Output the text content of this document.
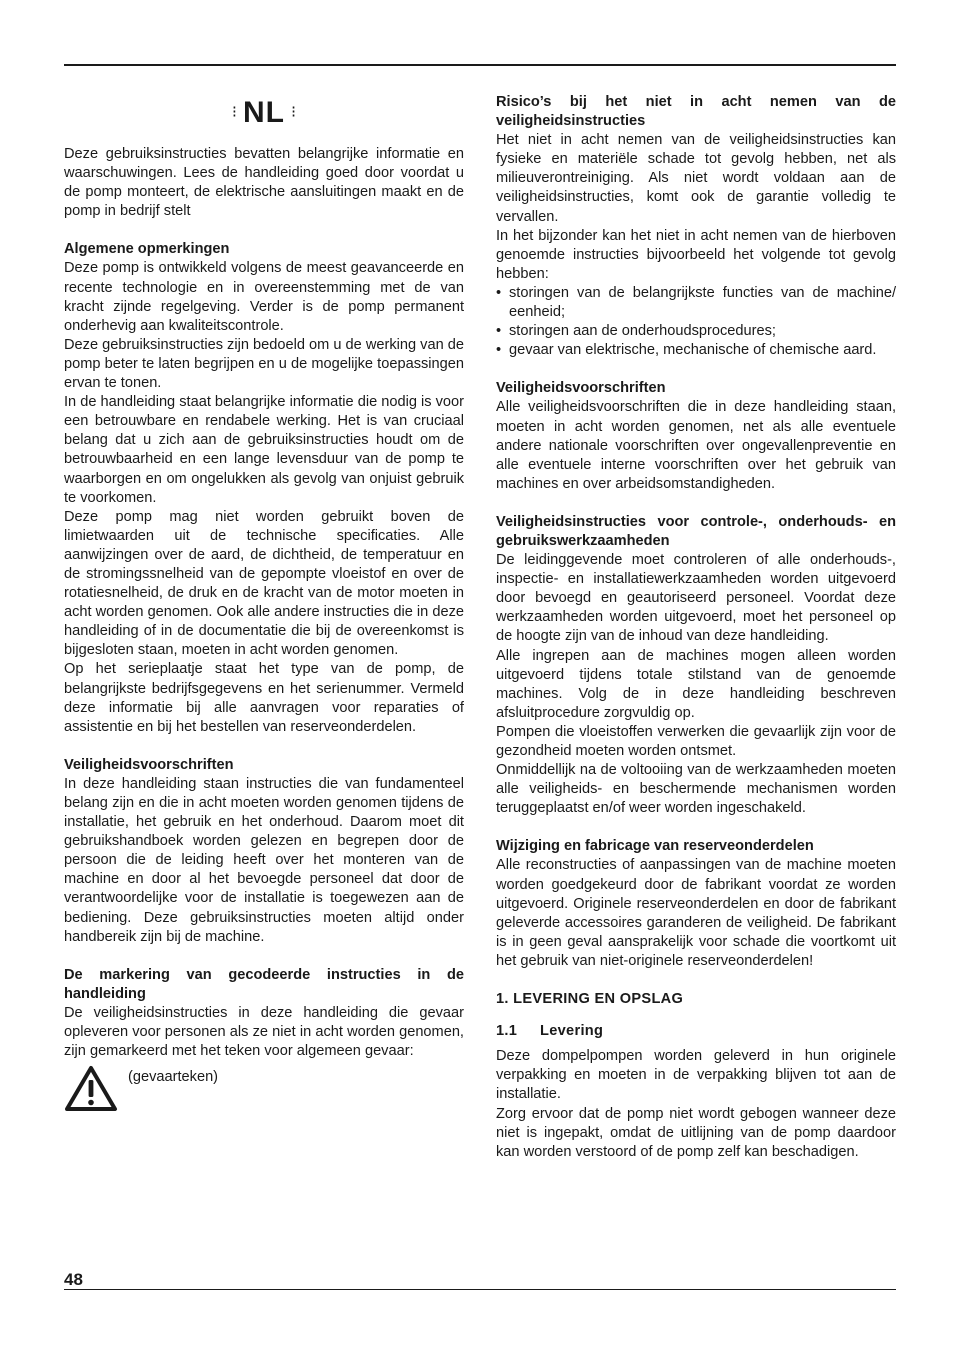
⁝ NL ⁝

Deze gebruiksinstructies bevatten belangrijke informatie en waarschuwingen. Lees de handleiding goed door voordat u de pomp monteert, de elektrische aansluitingen maakt en de pomp in bedrijf stelt

Algemene opmerkingen

Deze pomp is ontwikkeld volgens de meest geavanceerde en recente technologie en in overeenstemming met de van kracht zijnde regelgeving. Verder is de pomp permanent onderhevig aan kwaliteitscontrole.

Deze gebruiksinstructies zijn bedoeld om u de werking van de pomp beter te laten begrijpen en u de mogelijke toepassingen ervan te tonen.

In de handleiding staat belangrijke informatie die nodig is voor een betrouwbare en rendabele werking. Het is van cruciaal belang dat u zich aan de gebruiksinstructies houdt om de betrouwbaarheid en een lange levensduur van de pomp te waarborgen en om ongelukken als gevolg van onjuist gebruik te voorkomen.

Deze pomp mag niet worden gebruikt boven de limietwaarden uit de technische specificaties. Alle aanwijzingen over de aard, de dichtheid, de temperatuur en de stromingssnelheid van de gepompte vloeistof en over de rotatiesnelheid, de druk en de kracht van de motor moeten in acht worden genomen. Ook alle andere instructies die in deze handleiding of in de documentatie die bij de overeenkomst is bijgesloten staan, moeten in acht worden genomen.

Op het serieplaatje staat het type van de pomp, de belangrijkste bedrijfsgegevens en het serienummer. Vermeld deze informatie bij alle aanvragen voor reparaties of assistentie en bij het bestellen van reserveonderdelen.

Veiligheidsvoorschriften

In deze handleiding staan instructies die van fundamenteel belang zijn en die in acht moeten worden genomen tijdens de installatie, het gebruik en het onderhoud. Daarom moet dit gebruikshandboek worden gelezen en begrepen door de persoon die de leiding heeft over het monteren van de machine en door al het bevoegde personeel dat door de verantwoordelijke voor de installatie is toegewezen aan de bediening. Deze gebruiksinstructies moeten altijd onder handbereik zijn bij de machine.

De markering van gecodeerde instructies in de handleiding

De veiligheidsinstructies in deze handleiding die gevaar opleveren voor personen als ze niet in acht worden genomen, zijn gemarkeerd met het teken voor algemeen gevaar:

(gevaarteken)
Risico’s bij het niet in acht nemen van de veiligheidsinstructies

Het niet in acht nemen van de veiligheidsinstructies kan fysieke en materiële schade tot gevolg hebben, net als milieuverontreiniging. Als niet wordt voldaan aan de veiligheidsinstructies, komt ook de garantie volledig te vervallen.

In het bijzonder kan het niet in acht nemen van de hierboven genoemde instructies bijvoorbeeld het volgende tot gevolg hebben:

• storingen van de belangrijkste functies van de machine/ eenheid;
• storingen aan de onderhoudsprocedures;
• gevaar van elektrische, mechanische of chemische aard.
Veiligheidsvoorschriften

Alle veiligheidsvoorschriften die in deze handleiding staan, moeten in acht worden genomen, net als alle eventuele andere nationale voorschriften over ongevallenpreventie en alle eventuele interne voorschriften over het gebruik van machines en over arbeidsomstandigheden.

Veiligheidsinstructies voor controle-, onderhouds- en gebruikswerkzaamheden

De leidinggevende moet controleren of alle onderhouds-, inspectie- en installatiewerkzaamheden worden uitgevoerd door bevoegd en geautoriseerd personeel. Voordat deze werkzaamheden worden uitgevoerd, moet het personeel op de hoogte zijn van de inhoud van deze handleiding.

Alle ingrepen aan de machines mogen alleen worden uitgevoerd tijdens totale stilstand van de genoemde machines. Volg de in deze handleiding beschreven afsluitprocedure zorgvuldig op.

Pompen die vloeistoffen verwerken die gevaarlijk zijn voor de gezondheid moeten worden ontsmet.

Onmiddellijk na de voltooiing van de werkzaamheden moeten alle veiligheids- en beschermende mechanismen worden teruggeplaatst en/of weer worden ingeschakeld.

Wijziging en fabricage van reserveonderdelen

Alle reconstructies of aanpassingen van de machine moeten worden goedgekeurd door de fabrikant voordat ze worden uitgevoerd. Originele reserveonderdelen en door de fabrikant geleverde accessoires garanderen de veiligheid. De fabrikant is in geen geval aansprakelijk voor schade die voortkomt uit het gebruik van niet-originele reserveonderdelen!

1. LEVERING EN OPSLAG
1.1 Levering

Deze dompelpompen worden geleverd in hun originele verpakking en moeten in de verpakking blijven tot aan de installatie.

Zorg ervoor dat de pomp niet wordt gebogen wanneer deze niet is ingepakt, omdat de uitlijning van de pomp daardoor kan worden verstoord of de pomp zelf kan beschadigen.

48
